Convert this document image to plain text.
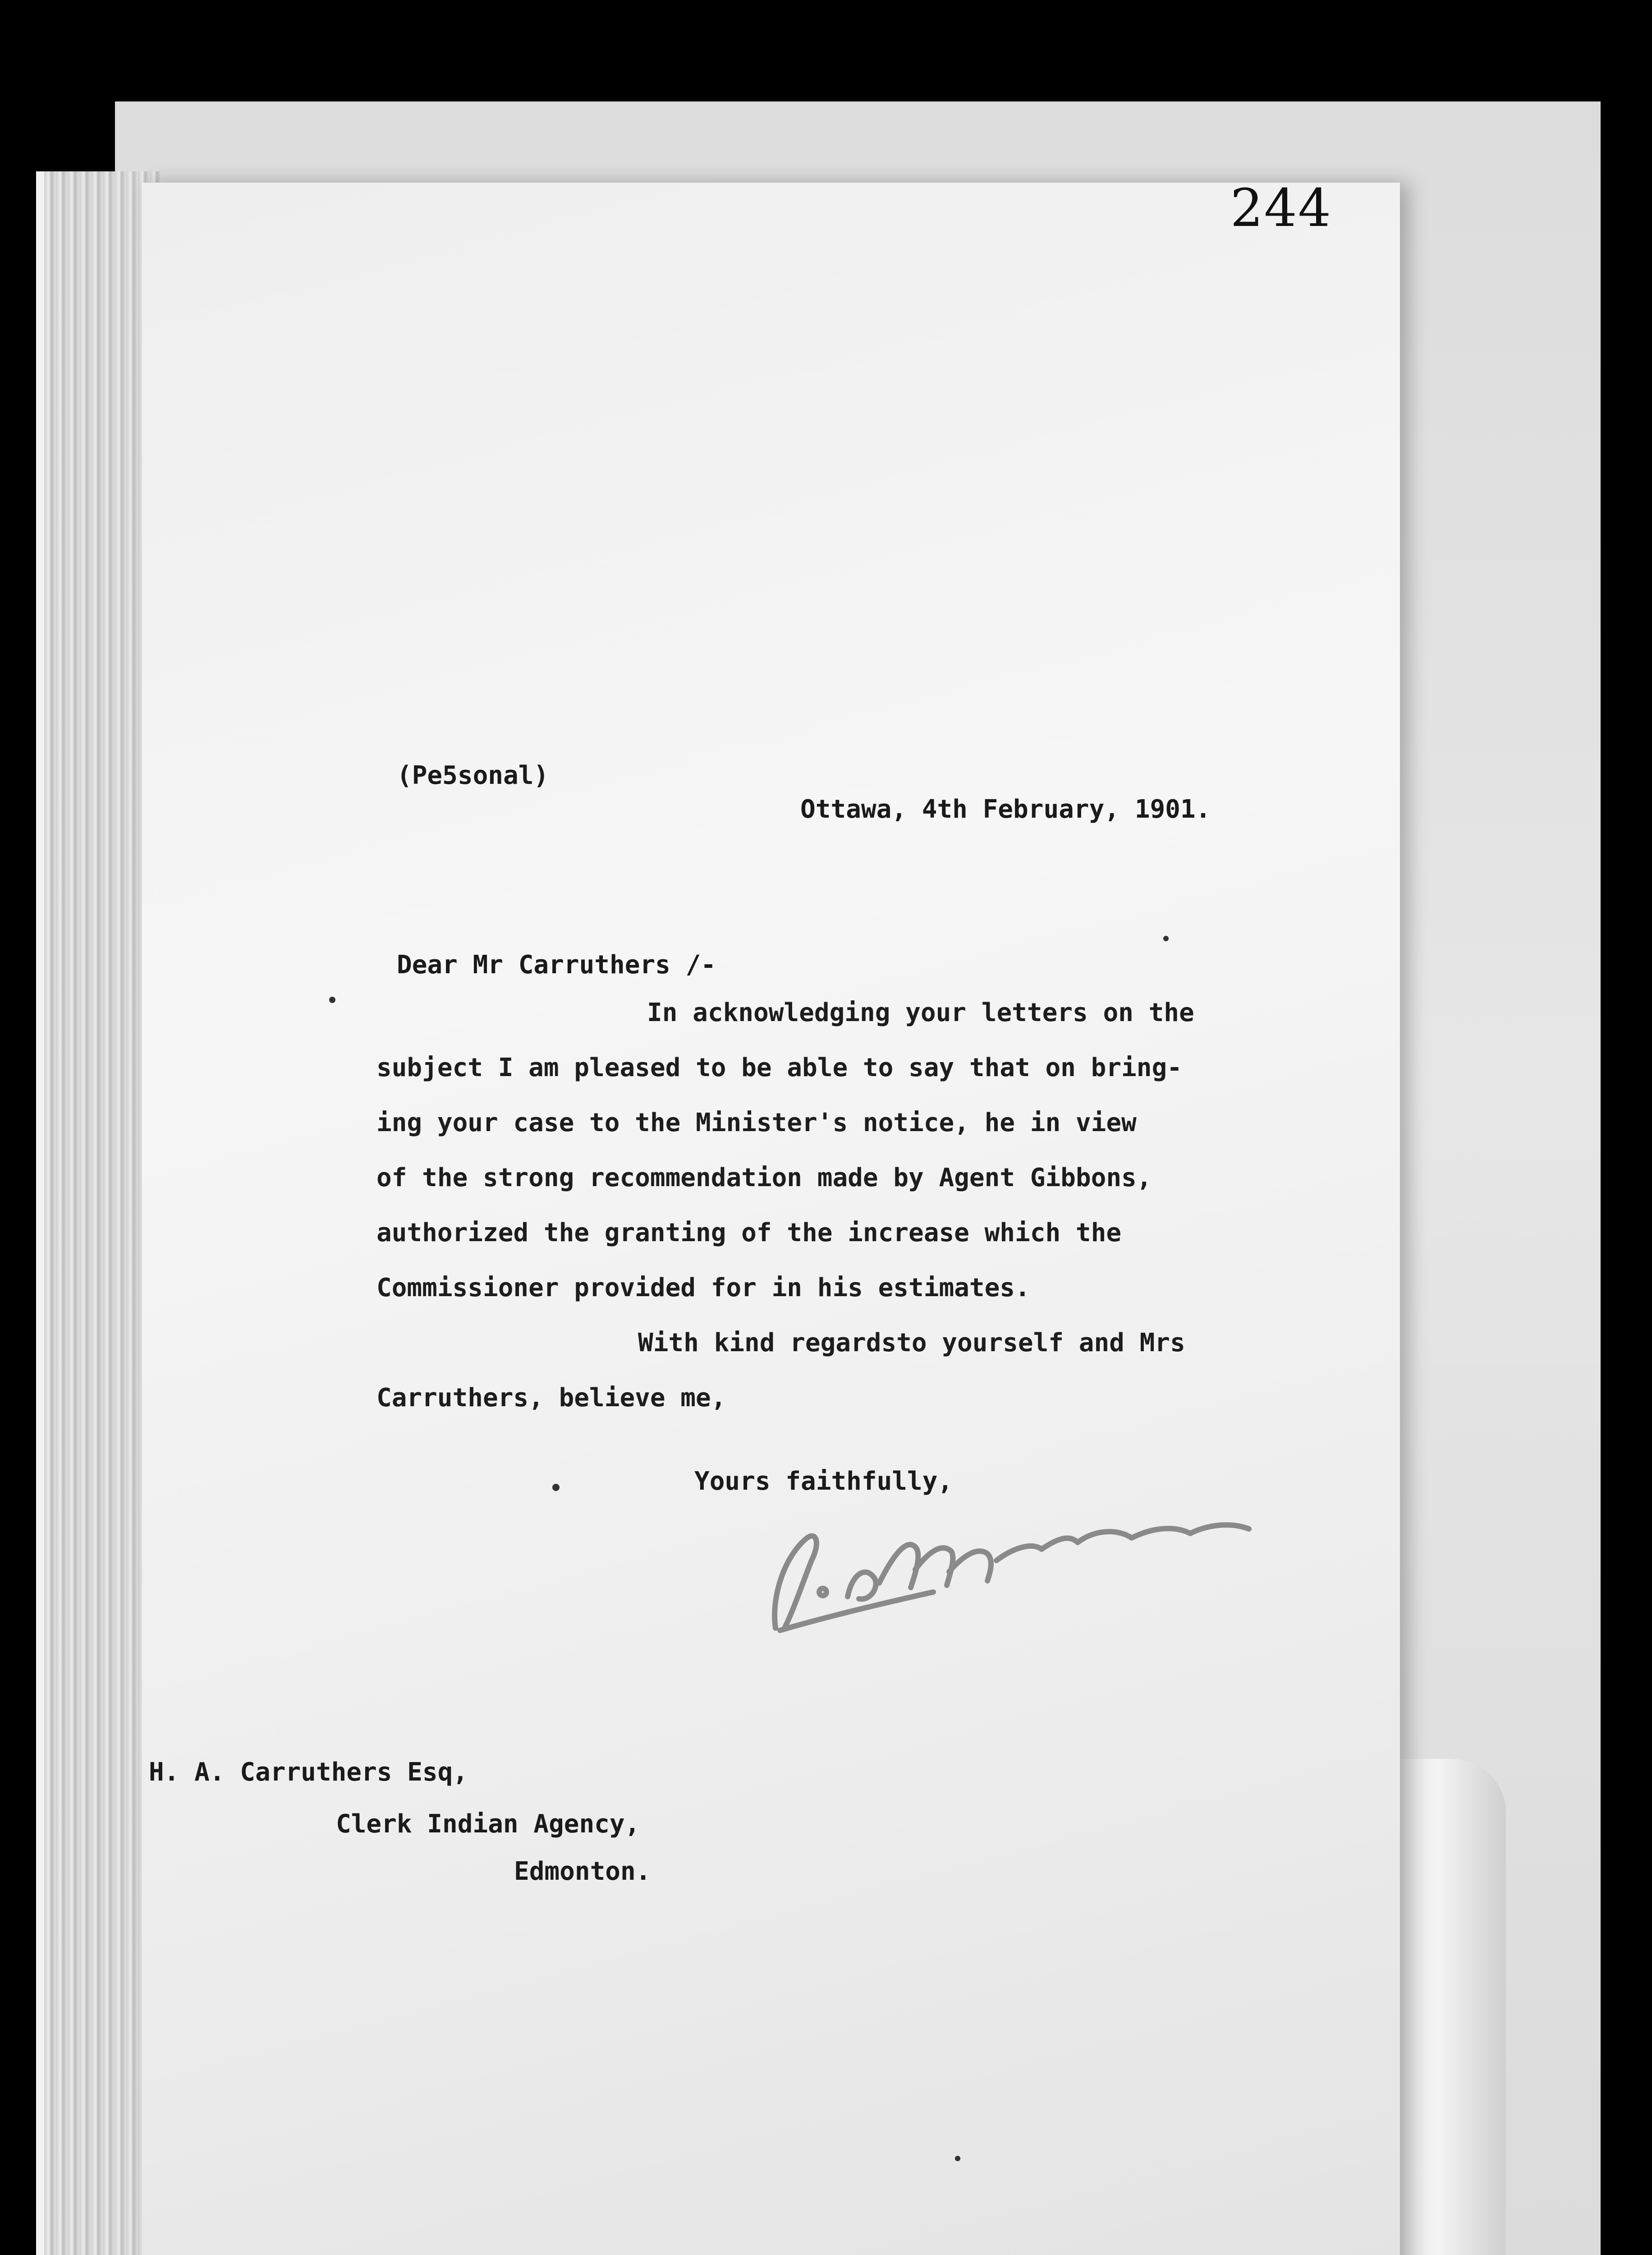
244
(Pe5sonal)
Ottawa, 4th February, 1901.
Dear Mr Carruthers /-
In acknowledging your letters on the
subject I am pleased to be able to say that on bring-
ing your case to the Minister's notice, he in view
of the strong recommendation made by Agent Gibbons,
authorized the granting of the increase which the
Commissioner provided for in his estimates.
With kind regardsto yourself and Mrs
Carruthers, believe me,
Yours faithfully,
H. A. Carruthers Esq,
Clerk Indian Agency,
Edmonton.
